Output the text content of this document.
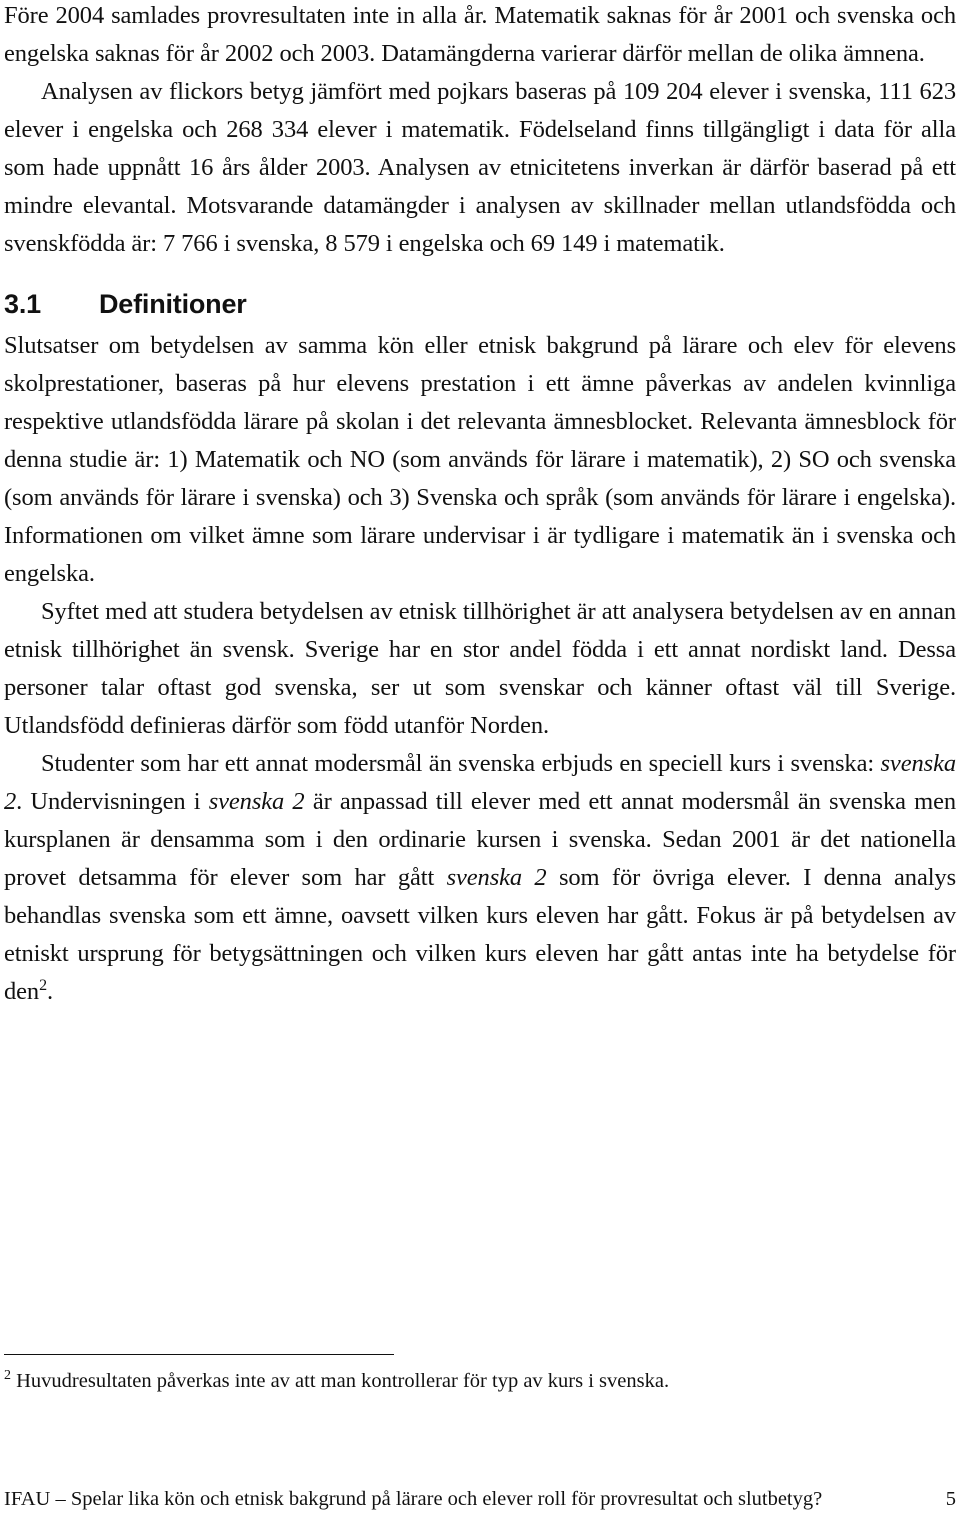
Före 2004 samlades provresultaten inte in alla år. Matematik saknas för år 2001 och svenska och engelska saknas för år 2002 och 2003. Datamängderna varierar därför mellan de olika ämnena.

Analysen av flickors betyg jämfört med pojkars baseras på 109 204 elever i svenska, 111 623 elever i engelska och 268 334 elever i matematik. Födelseland finns tillgängligt i data för alla som hade uppnått 16 års ålder 2003. Analysen av etnicitetens inverkan är därför baserad på ett mindre elevantal. Motsvarande datamängder i analysen av skillnader mellan utlandsfödda och svenskfödda är: 7 766 i svenska, 8 579 i engelska och 69 149 i matematik.

3.1 Definitioner

Slutsatser om betydelsen av samma kön eller etnisk bakgrund på lärare och elev för elevens skolprestationer, baseras på hur elevens prestation i ett ämne påverkas av andelen kvinnliga respektive utlandsfödda lärare på skolan i det relevanta ämnesblocket. Relevanta ämnesblock för denna studie är: 1) Matematik och NO (som används för lärare i matematik), 2) SO och svenska (som används för lärare i svenska) och 3) Svenska och språk (som används för lärare i engelska). Informationen om vilket ämne som lärare undervisar i är tydligare i matematik än i svenska och engelska.

Syftet med att studera betydelsen av etnisk tillhörighet är att analysera betydelsen av en annan etnisk tillhörighet än svensk. Sverige har en stor andel födda i ett annat nordiskt land. Dessa personer talar oftast god svenska, ser ut som svenskar och känner oftast väl till Sverige. Utlandsfödd definieras därför som född utanför Norden.

Studenter som har ett annat modersmål än svenska erbjuds en speciell kurs i svenska: svenska 2. Undervisningen i svenska 2 är anpassad till elever med ett annat modersmål än svenska men kursplanen är densamma som i den ordinarie kursen i svenska. Sedan 2001 är det nationella provet detsamma för elever som har gått svenska 2 som för övriga elever. I denna analys behandlas svenska som ett ämne, oavsett vilken kurs eleven har gått. Fokus är på betydelsen av etniskt ursprung för betygsättningen och vilken kurs eleven har gått antas inte ha betydelse för den$^2$.

$^2$ Huvudresultaten påverkas inte av att man kontrollerar för typ av kurs i svenska.
IFAU – Spelar lika kön och etnisk bakgrund på lärare och elever roll för provresultat och slutbetyg?	5
